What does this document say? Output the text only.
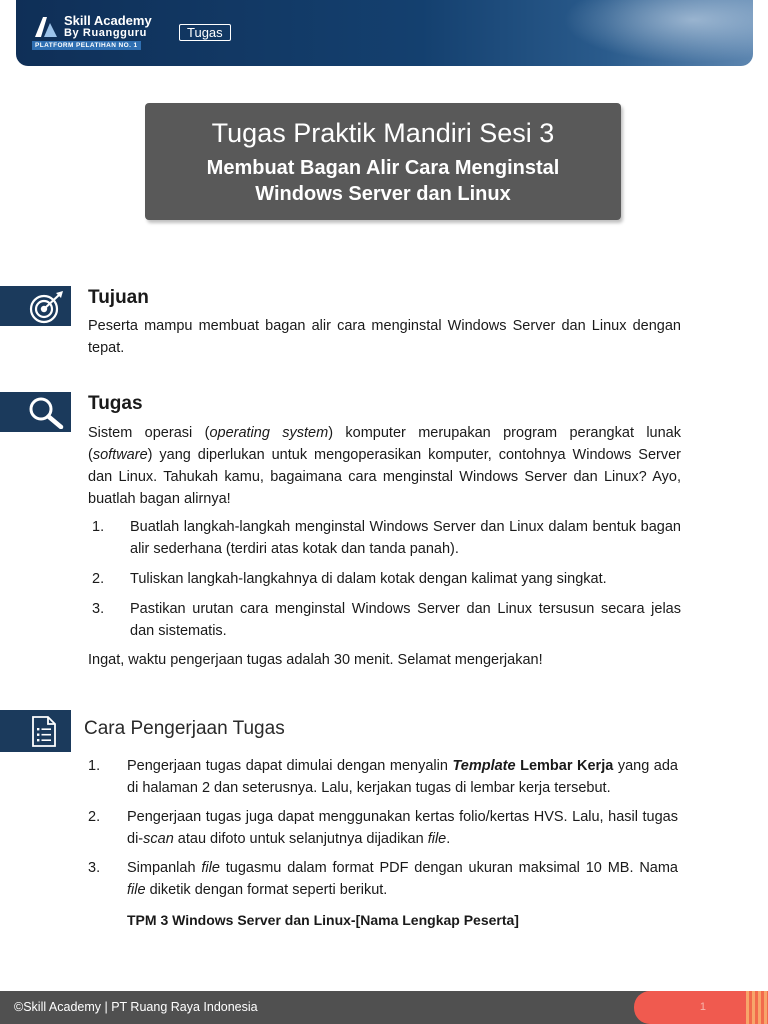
Skill Academy
By Ruangguru
PLATFORM PELATIHAN NO. 1
Tugas
Tugas Praktik Mandiri Sesi 3
Membuat Bagan Alir Cara Menginstal Windows Server dan Linux
Tujuan
Peserta mampu membuat bagan alir cara menginstal Windows Server dan Linux dengan tepat.
Tugas
Sistem operasi (operating system) komputer merupakan program perangkat lunak (software) yang diperlukan untuk mengoperasikan komputer, contohnya Windows Server dan Linux. Tahukah kamu, bagaimana cara menginstal Windows Server dan Linux? Ayo, buatlah bagan alirnya!
1. Buatlah langkah-langkah menginstal Windows Server dan Linux dalam bentuk bagan alir sederhana (terdiri atas kotak dan tanda panah).
2. Tuliskan langkah-langkahnya di dalam kotak dengan kalimat yang singkat.
3. Pastikan urutan cara menginstal Windows Server dan Linux tersusun secara jelas dan sistematis.
Ingat, waktu pengerjaan tugas adalah 30 menit. Selamat mengerjakan!
Cara Pengerjaan Tugas
1. Pengerjaan tugas dapat dimulai dengan menyalin Template Lembar Kerja yang ada di halaman 2 dan seterusnya. Lalu, kerjakan tugas di lembar kerja tersebut.
2. Pengerjaan tugas juga dapat menggunakan kertas folio/kertas HVS. Lalu, hasil tugas di-scan atau difoto untuk selanjutnya dijadikan file.
3. Simpanlah file tugasmu dalam format PDF dengan ukuran maksimal 10 MB. Nama file diketik dengan format seperti berikut.
TPM 3 Windows Server dan Linux-[Nama Lengkap Peserta]
©Skill Academy | PT Ruang Raya Indonesia	1
